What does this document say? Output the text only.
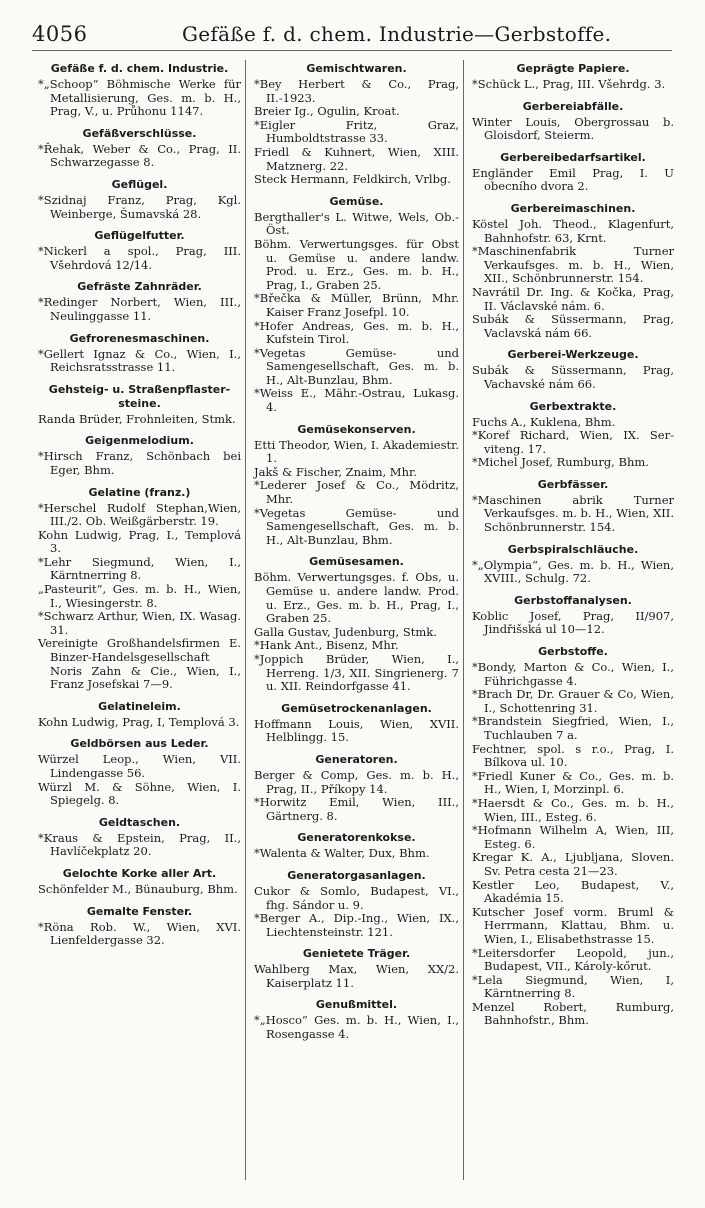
4056	Gefäße f. d. chem. Industrie—Gerbstoffe.
Gefäße f. d. chem. Industrie.
*„Schoop“ Böhmische Werke für Metallisierung, Ges. m. b. H., Prag, V., u. Průhonu 1147.
Gefäßverschlüsse.
*Řehak, Weber & Co., Prag, II. Schwarzegasse 8.
Geflügel.
*Szidnaj Franz, Prag, Kgl. Weinberge, Šumavská 28.
Geflügelfutter.
*Nickerl a spol., Prag, III. Všehrdová 12/14.
Gefräste Zahnräder.
*Redinger Norbert, Wien, III., Neulinggasse 11.
Gefrorenesmaschinen.
*Gellert Ignaz & Co., Wien, I., Reichsratsstrasse 11.
Gehsteig- u. Straßenpflaster-steine.
Randa Brüder, Frohnleiten, Stmk.
Geigenmelodium.
*Hirsch Franz, Schönbach bei Eger, Bhm.
Gelatine (franz.)
*Herschel Rudolf Stephan,Wien, III./2. Ob. Weißgärberstr. 19.
Kohn Ludwig, Prag, I., Templová 3.
*Lehr Siegmund, Wien, I., Kärntnerring 8.
„Pasteurit“, Ges. m. b. H., Wien, I., Wiesingerstr. 8.
*Schwarz Arthur, Wien, IX. Wasag. 31.
Vereinigte Großhandelsfirmen E. Binzer-Handelsgesellschaft Noris Zahn & Cie., Wien, I., Franz Josefskai 7—9.
Gelatineleim.
Kohn Ludwig, Prag, I, Templová 3.
Geldbörsen aus Leder.
Würzel Leop., Wien, VII. Lindengasse 56.
Würzl M. & Söhne, Wien, I. Spiegelg. 8.
Geldtaschen.
*Kraus & Epstein, Prag, II., Havlíčekplatz 20.
Gelochte Korke aller Art.
Schönfelder M., Bünauburg, Bhm.
Gemalte Fenster.
*Röna Rob. W., Wien, XVI. Lienfeldergasse 32.
Gemischtwaren.
*Bey Herbert & Co., Prag, II.-1923.
Breier Ig., Ogulin, Kroat.
*Eigler Fritz, Graz, Humboldtstrasse 33.
Friedl & Kuhnert, Wien, XIII. Matznerg. 22.
Steck Hermann, Feldkirch, Vrlbg.
Gemüse.
Bergthaller's L. Witwe, Wels, Ob.-Öst.
Böhm. Verwertungsges. für Obst u. Gemüse u. andere landw. Prod. u. Erz., Ges. m. b. H., Prag, I., Graben 25.
*Břečka & Müller, Brünn, Mhr. Kaiser Franz Josefpl. 10.
*Hofer Andreas, Ges. m. b. H., Kufstein Tirol.
*Vegetas Gemüse- und Samengesellschaft, Ges. m. b. H., Alt-Bunzlau, Bhm.
*Weiss E., Mähr.-Ostrau, Lukasg. 4.
Gemüsekonserven.
Etti Theodor, Wien, I. Akademiestr. 1.
Jakš & Fischer, Znaim, Mhr.
*Lederer Josef & Co., Mödritz, Mhr.
*Vegetas Gemüse- und Samengesellschaft, Ges. m. b. H., Alt-Bunzlau, Bhm.
Gemüsesamen.
Böhm. Verwertungsges. f. Obs, u. Gemüse u. andere landw. Prod. u. Erz., Ges. m. b. H., Prag, I., Graben 25.
Galla Gustav, Judenburg, Stmk.
*Hank Ant., Bisenz, Mhr.
*Joppich Brüder, Wien, I., Herreng. 1/3, XII. Singrienerg. 7 u. XII. Reindorfgasse 41.
Gemüsetrockenanlagen.
Hoffmann Louis, Wien, XVII. Helblingg. 15.
Generatoren.
Berger & Comp, Ges. m. b. H., Prag, II., Příkopy 14.
*Horwitz Emil, Wien, III., Gärtnerg. 8.
Generatorenkokse.
*Walenta & Walter, Dux, Bhm.
Generatorgasanlagen.
Cukor & Somlo, Budapest, VI., fhg. Sándor u. 9.
*Berger A., Dip.-Ing., Wien, IX., Liechtensteinstr. 121.
Genietete Träger.
Wahlberg Max, Wien, XX/2. Kaiserplatz 11.
Genußmittel.
*„Hosco“ Ges. m. b. H., Wien, I., Rosengasse 4.
Geprägte Papiere.
*Schück L., Prag, III. Všehrdg. 3.
Gerbereiabfälle.
Winter Louis, Obergrossau b. Gloisdorf, Steierm.
Gerbereibedarfsartikel.
Engländer Emil Prag, I. U obecního dvora 2.
Gerbereimaschinen.
Köstel Joh. Theod., Klagenfurt, Bahnhofstr. 63, Krnt.
*Maschinenfabrik Turner Verkaufsges. m. b. H., Wien, XII., Schönbrunnerstr. 154.
Navrátil Dr. Ing. & Kočka, Prag, II. Václavské nám. 6.
Subák & Süssermann, Prag, Vaclavská nám 66.
Gerberei-Werkzeuge.
Subák & Süssermann, Prag, Vachavské nám 66.
Gerbextrakte.
Fuchs A., Kuklena, Bhm.
*Koref Richard, Wien, IX. Ser-viteng. 17.
*Michel Josef, Rumburg, Bhm.
Gerbfässer.
*Maschinen abrik Turner Verkaufsges. m. b. H., Wien, XII. Schönbrunnerstr. 154.
Gerbspiralschläuche.
*„Olympia“, Ges. m. b. H., Wien, XVIII., Schulg. 72.
Gerbstoffanalysen.
Koblic Josef, Prag, II/907, Jindřišská ul 10—12.
Gerbstoffe.
*Bondy, Marton & Co., Wien, I., Führichgasse 4.
*Brach Dr, Dr. Grauer & Co, Wien, I., Schottenring 31.
*Brandstein Siegfried, Wien, I., Tuchlauben 7 a.
Fechtner, spol. s r.o., Prag, I. Bílkova ul. 10.
*Friedl Kuner & Co., Ges. m. b. H., Wien, I, Morzinpl. 6.
*Haersdt & Co., Ges. m. b. H., Wien, III., Esteg. 6.
*Hofmann Wilhelm A, Wien, III, Esteg. 6.
Kregar K. A., Ljubljana, Sloven. Sv. Petra cesta 21—23.
Kestler Leo, Budapest, V., Akadémia 15.
Kutscher Josef vorm. Bruml & Herrmann, Klattau, Bhm. u. Wien, I., Elisabethstrasse 15.
*Leitersdorfer Leopold, jun., Budapest, VII., Károly-kőrut.
*Lela Siegmund, Wien, I, Kärntnerring 8.
Menzel Robert, Rumburg, Bahnhofstr., Bhm.
